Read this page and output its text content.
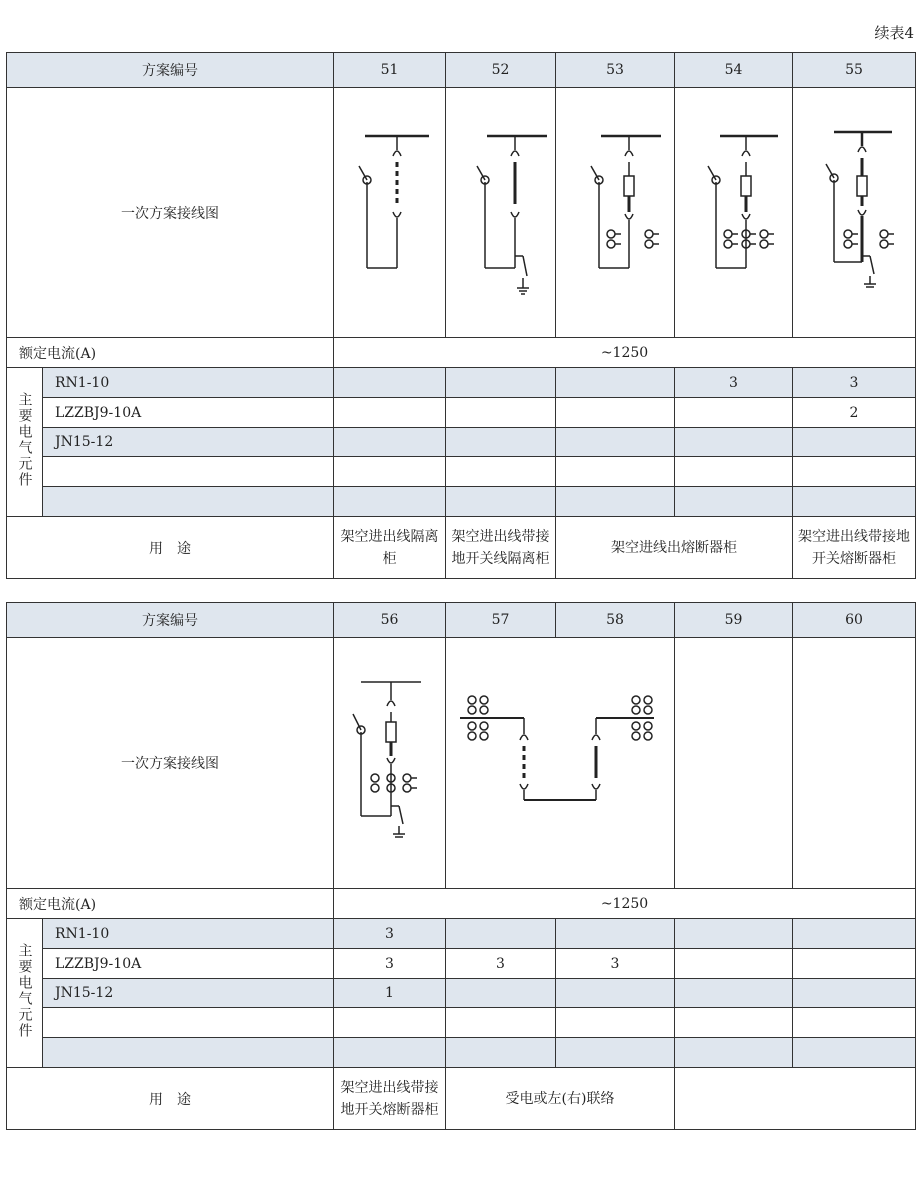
续表4
方案编号		51	52	53	54	55
一次方案接线图	

额定电流(A)		~1250				
主要电气元件	RN1-10				3	3
	LZZBJ9-10A					2
	JN15-12					

用　途		架空进出线隔离柜	架空进出线带接地开关线隔离柜	架空进线出熔断器柜		架空进出线带接地开关熔断器柜
方案编号		56	57	58	59	60
一次方案接线图	

额定电流(A)		~1250				
主要电气元件	RN1-10	3				
	LZZBJ9-10A	3	3	3		
	JN15-12	1				

用　途		架空进出线带接地开关熔断器柜	受电或左(右)联络			
